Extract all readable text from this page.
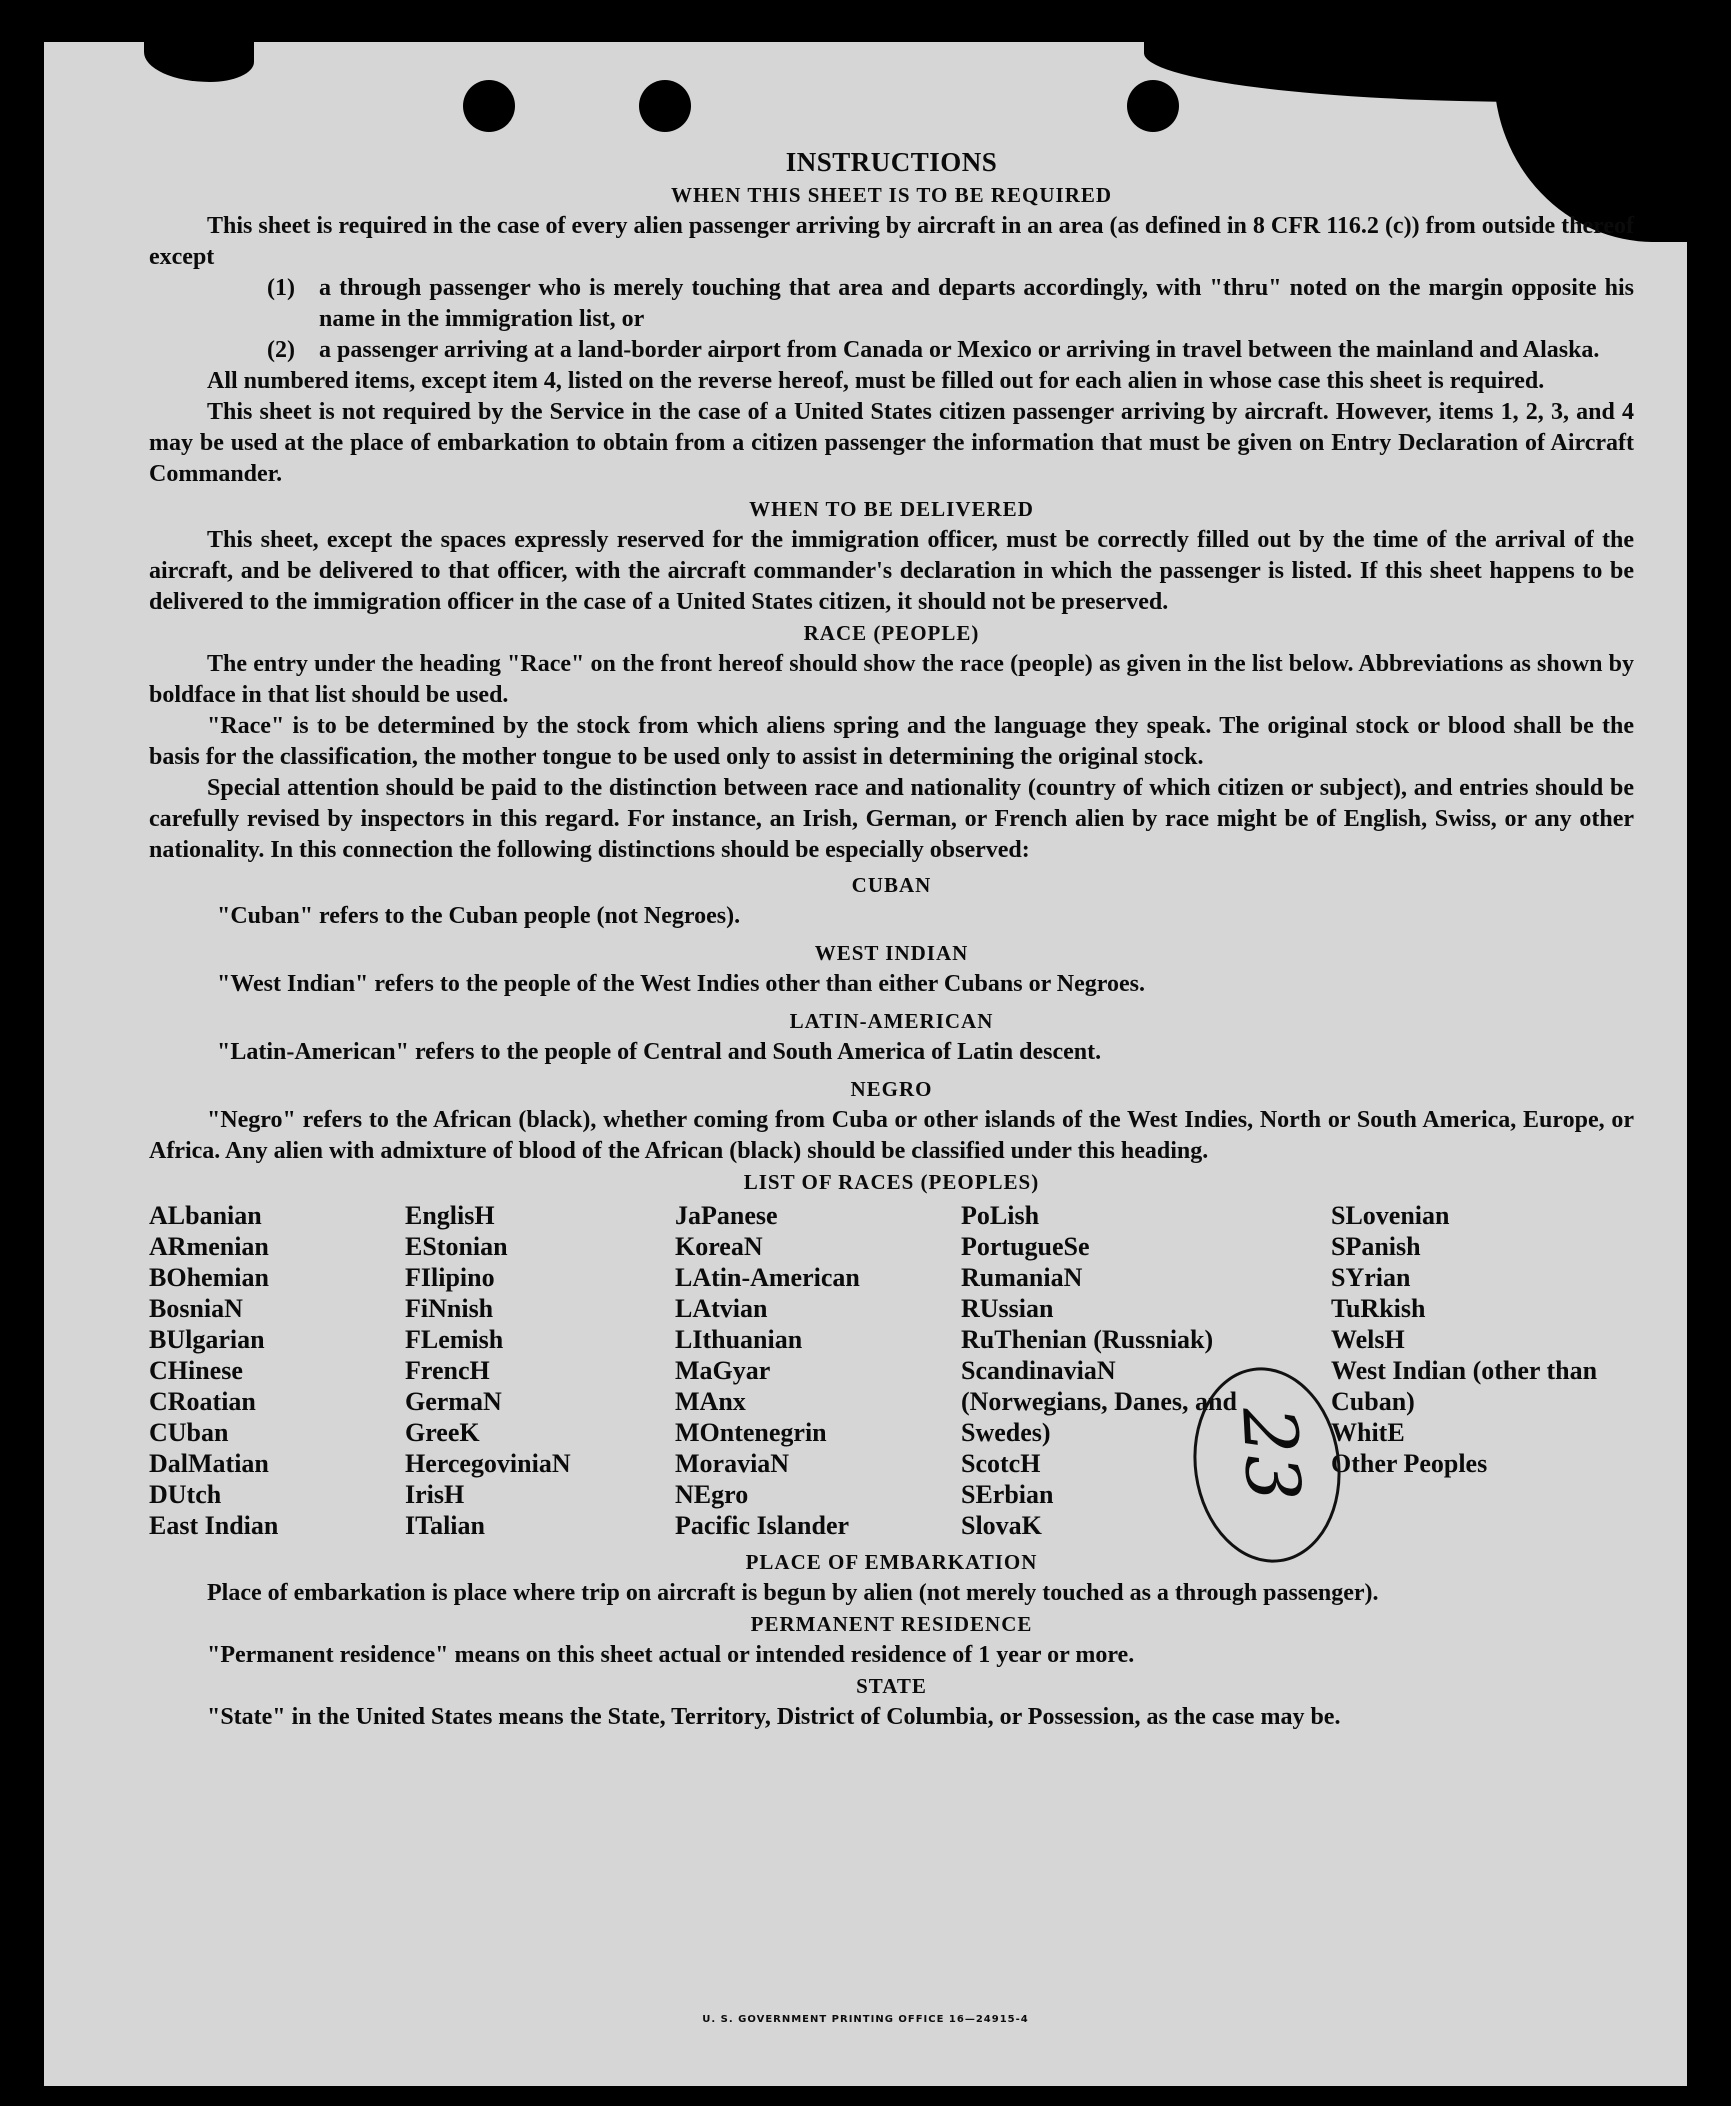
INSTRUCTIONS

WHEN THIS SHEET IS TO BE REQUIRED

This sheet is required in the case of every alien passenger arriving by aircraft in an area (as defined in 8 CFR 116.2 (c)) from outside thereof except

(1) a through passenger who is merely touching that area and departs accordingly, with "thru" noted on the margin opposite his name in the immigration list, or

(2) a passenger arriving at a land-border airport from Canada or Mexico or arriving in travel between the mainland and Alaska.

All numbered items, except item 4, listed on the reverse hereof, must be filled out for each alien in whose case this sheet is required.

This sheet is not required by the Service in the case of a United States citizen passenger arriving by aircraft. However, items 1, 2, 3, and 4 may be used at the place of embarkation to obtain from a citizen passenger the information that must be given on Entry Declaration of Aircraft Commander.

WHEN TO BE DELIVERED

This sheet, except the spaces expressly reserved for the immigration officer, must be correctly filled out by the time of the arrival of the aircraft, and be delivered to that officer, with the aircraft commander's declaration in which the passenger is listed. If this sheet happens to be delivered to the immigration officer in the case of a United States citizen, it should not be preserved.

RACE (PEOPLE)

The entry under the heading "Race" on the front hereof should show the race (people) as given in the list below. Abbreviations as shown by boldface in that list should be used.

"Race" is to be determined by the stock from which aliens spring and the language they speak. The original stock or blood shall be the basis for the classification, the mother tongue to be used only to assist in determining the original stock.

Special attention should be paid to the distinction between race and nationality (country of which citizen or subject), and entries should be carefully revised by inspectors in this regard. For instance, an Irish, German, or French alien by race might be of English, Swiss, or any other nationality. In this connection the following distinctions should be especially observed:

CUBAN

"Cuban" refers to the Cuban people (not Negroes).

WEST INDIAN

"West Indian" refers to the people of the West Indies other than either Cubans or Negroes.

LATIN-AMERICAN

"Latin-American" refers to the people of Central and South America of Latin descent.

NEGRO

"Negro" refers to the African (black), whether coming from Cuba or other islands of the West Indies, North or South America, Europe, or Africa. Any alien with admixture of blood of the African (black) should be classified under this heading.

LIST OF RACES (PEOPLES)

ALbanian
ARmenian
BOhemian
BosniaN
BUlgarian
CHinese
CRoatian
CUban
DalMatian
DUtch
East Indian
EnglisH
EStonian
FIlipino
FiNnish
FLemish
FrencH
GermaN
GreeK
HercegoviniaN
IrisH
ITalian
JaPanese
KoreaN
LAtin-American
LAtvian
LIthuanian
MaGyar
MAnx
MOntenegrin
MoraviaN
NEgro
Pacific Islander
PoLish
PortugueSe
RumaniaN
RUssian
RuThenian (Russniak)
ScandinaviaN (Norwegians, Danes, and Swedes)
ScotcH
SErbian
SlovaK
SLovenian
SPanish
SYrian
TuRkish
WelsH
West Indian (other than Cuban)
WhitE
Other Peoples

PLACE OF EMBARKATION

Place of embarkation is place where trip on aircraft is begun by alien (not merely touched as a through passenger).

PERMANENT RESIDENCE

"Permanent residence" means on this sheet actual or intended residence of 1 year or more.

STATE

"State" in the United States means the State, Territory, District of Columbia, or Possession, as the case may be.

23
U. S. GOVERNMENT PRINTING OFFICE 16—24915-4
